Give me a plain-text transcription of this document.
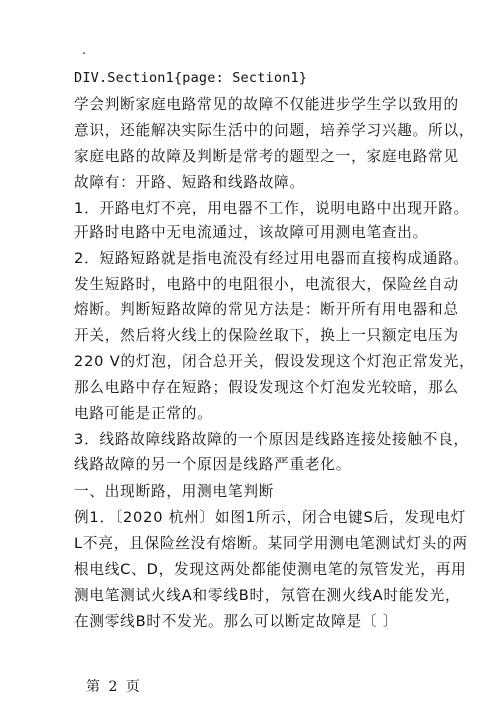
.
DIV.Section1{page: Section1}
学会判断家庭电路常见的故障不仅能进步学生学以致用的
意识，还能解决实际生活中的问题，培养学习兴趣。所以，
家庭电路的故障及判断是常考的题型之一，家庭电路常见
故障有：开路、短路和线路故障。
1．开路电灯不亮，用电器不工作，说明电路中出现开路。
开路时电路中无电流通过，该故障可用测电笔查出。
2．短路短路就是指电流没有经过用电器而直接构成通路。
发生短路时，电路中的电阻很小，电流很大，保险丝自动
熔断。判断短路故障的常见方法是：断开所有用电器和总
开关，然后将火线上的保险丝取下，换上一只额定电压为
220 V的灯泡，闭合总开关，假设发现这个灯泡正常发光，
那么电路中存在短路；假设发现这个灯泡发光较暗，那么
电路可能是正常的。
3．线路故障线路故障的一个原因是线路连接处接触不良，
线路故障的另一个原因是线路严重老化。
一、出现断路，用测电笔判断
例1．〔2020 杭州〕如图1所示，闭合电键S后，发现电灯
L不亮，且保险丝没有熔断。某同学用测电笔测试灯头的两
根电线C、D，发现这两处都能使测电笔的氖管发光，再用
测电笔测试火线A和零线B时，氖管在测火线A时能发光，
在测零线B时不发光。那么可以断定故障是〔 〕
第 2 页
